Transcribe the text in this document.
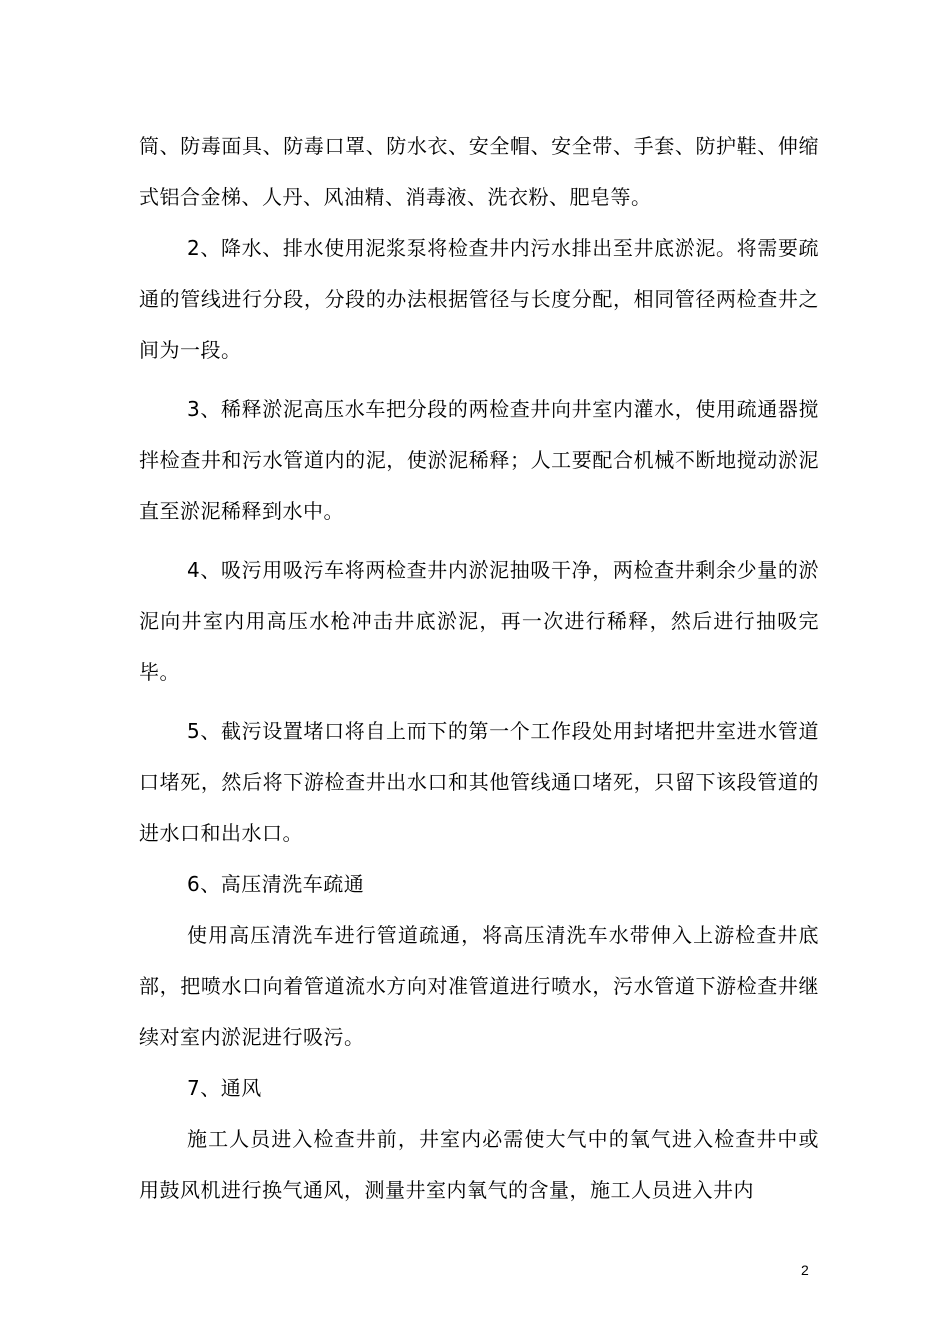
筒、防毒面具、防毒口罩、防水衣、安全帽、安全带、手套、防护鞋、伸缩式铝合金梯、人丹、风油精、消毒液、洗衣粉、肥皂等。

2、降水、排水使用泥浆泵将检查井内污水排出至井底淤泥。将需要疏通的管线进行分段，分段的办法根据管径与长度分配，相同管径两检查井之间为一段。

3、稀释淤泥高压水车把分段的两检查井向井室内灌水，使用疏通器搅拌检查井和污水管道内的泥，使淤泥稀释；人工要配合机械不断地搅动淤泥直至淤泥稀释到水中。

4、吸污用吸污车将两检查井内淤泥抽吸干净，两检查井剩余少量的淤泥向井室内用高压水枪冲击井底淤泥，再一次进行稀释，然后进行抽吸完毕。

5、截污设置堵口将自上而下的第一个工作段处用封堵把井室进水管道口堵死，然后将下游检查井出水口和其他管线通口堵死，只留下该段管道的进水口和出水口。

6、高压清洗车疏通

使用高压清洗车进行管道疏通，将高压清洗车水带伸入上游检查井底部，把喷水口向着管道流水方向对准管道进行喷水，污水管道下游检查井继续对室内淤泥进行吸污。

7、通风

施工人员进入检查井前，井室内必需使大气中的氧气进入检查井中或用鼓风机进行换气通风，测量井室内氧气的含量，施工人员进入井内

2
